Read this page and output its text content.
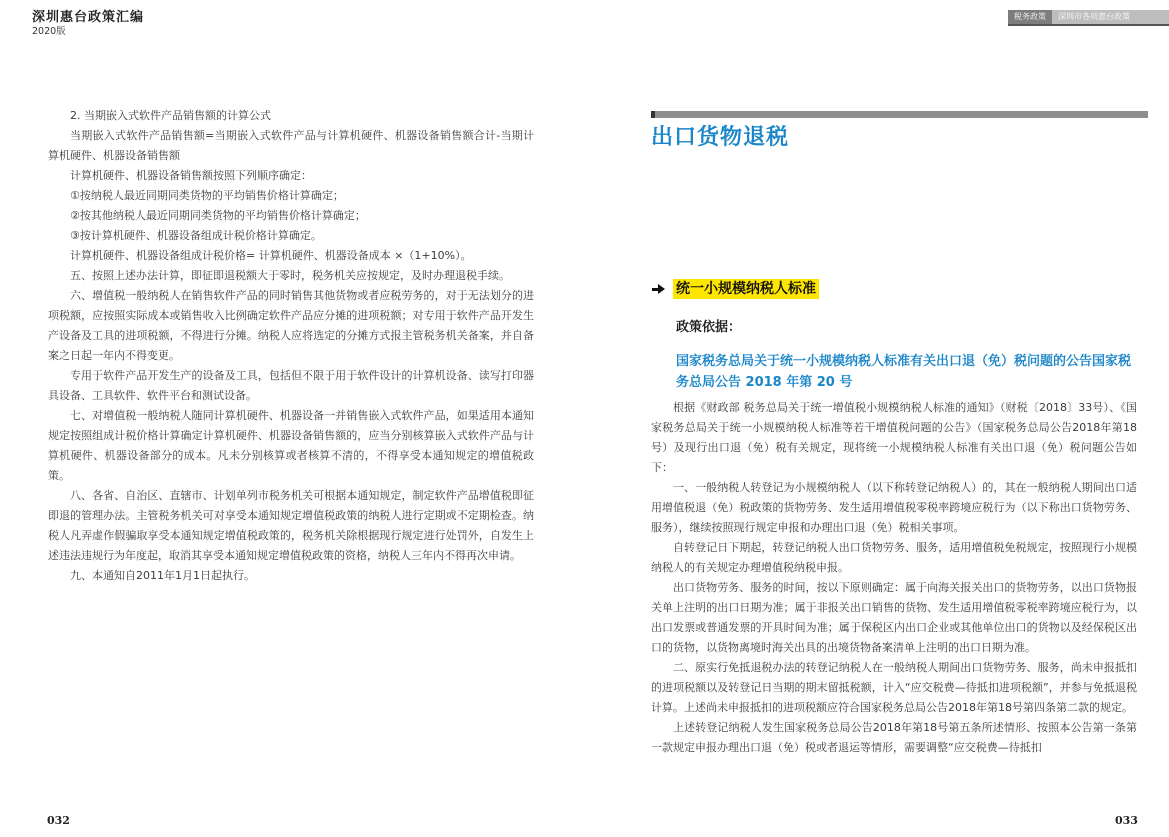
深圳惠台政策汇编
2020版
税务政策	深圳市各项惠台政策

2. 当期嵌入式软件产品销售额的计算公式

当期嵌入式软件产品销售额=当期嵌入式软件产品与计算机硬件、机器设备销售额合计-当期计算机硬件、机器设备销售额

计算机硬件、机器设备销售额按照下列顺序确定：

①按纳税人最近同期同类货物的平均销售价格计算确定；

②按其他纳税人最近同期同类货物的平均销售价格计算确定；

③按计算机硬件、机器设备组成计税价格计算确定。

计算机硬件、机器设备组成计税价格= 计算机硬件、机器设备成本 ×（1+10%）。

五、按照上述办法计算，即征即退税额大于零时，税务机关应按规定，及时办理退税手续。

六、增值税一般纳税人在销售软件产品的同时销售其他货物或者应税劳务的，对于无法划分的进项税额，应按照实际成本或销售收入比例确定软件产品应分摊的进项税额；对专用于软件产品开发生产设备及工具的进项税额，不得进行分摊。纳税人应将选定的分摊方式报主管税务机关备案，并自备案之日起一年内不得变更。

专用于软件产品开发生产的设备及工具，包括但不限于用于软件设计的计算机设备、读写打印器具设备、工具软件、软件平台和测试设备。

七、对增值税一般纳税人随同计算机硬件、机器设备一并销售嵌入式软件产品，如果适用本通知规定按照组成计税价格计算确定计算机硬件、机器设备销售额的，应当分别核算嵌入式软件产品与计算机硬件、机器设备部分的成本。凡未分别核算或者核算不清的，不得享受本通知规定的增值税政策。

八、各省、自治区、直辖市、计划单列市税务机关可根据本通知规定，制定软件产品增值税即征即退的管理办法。主管税务机关可对享受本通知规定增值税政策的纳税人进行定期或不定期检查。纳税人凡弄虚作假骗取享受本通知规定增值税政策的，税务机关除根据现行规定进行处罚外，自发生上述违法违规行为年度起，取消其享受本通知规定增值税政策的资格，纳税人三年内不得再次申请。

九、本通知自2011年1月1日起执行。

出口货物退税
统一小规模纳税人标准
政策依据：
国家税务总局关于统一小规模纳税人标准有关出口退（免）税问题的公告国家税务总局公告 2018 年第 20 号

根据《财政部 税务总局关于统一增值税小规模纳税人标准的通知》（财税〔2018〕33号）、《国家税务总局关于统一小规模纳税人标准等若干增值税问题的公告》（国家税务总局公告2018年第18号）及现行出口退（免）税有关规定，现将统一小规模纳税人标准有关出口退（免）税问题公告如下：

一、一般纳税人转登记为小规模纳税人（以下称转登记纳税人）的，其在一般纳税人期间出口适用增值税退（免）税政策的货物劳务、发生适用增值税零税率跨境应税行为（以下称出口货物劳务、服务），继续按照现行规定申报和办理出口退（免）税相关事项。

自转登记日下期起，转登记纳税人出口货物劳务、服务，适用增值税免税规定，按照现行小规模纳税人的有关规定办理增值税纳税申报。

出口货物劳务、服务的时间，按以下原则确定：属于向海关报关出口的货物劳务，以出口货物报关单上注明的出口日期为准；属于非报关出口销售的货物、发生适用增值税零税率跨境应税行为，以出口发票或普通发票的开具时间为准；属于保税区内出口企业或其他单位出口的货物以及经保税区出口的货物，以货物离境时海关出具的出境货物备案清单上注明的出口日期为准。

二、原实行免抵退税办法的转登记纳税人在一般纳税人期间出口货物劳务、服务，尚未申报抵扣的进项税额以及转登记日当期的期末留抵税额，计入“应交税费—待抵扣进项税额”，并参与免抵退税计算。上述尚未申报抵扣的进项税额应符合国家税务总局公告2018年第18号第四条第二款的规定。

上述转登记纳税人发生国家税务总局公告2018年第18号第五条所述情形、按照本公告第一条第一款规定申报办理出口退（免）税或者退运等情形，需要调整“应交税费—待抵扣

032	033
